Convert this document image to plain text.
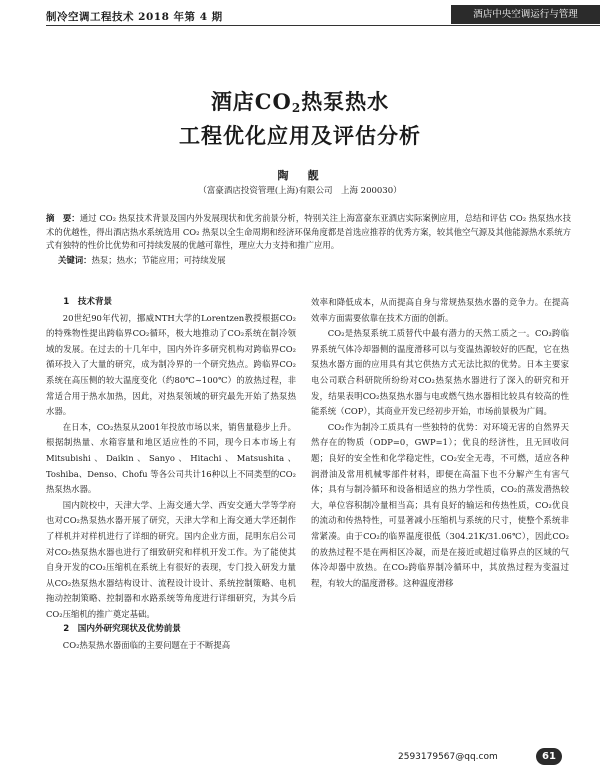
制冷空调工程技术 2018 年第 4 期	酒店中央空调运行与管理
酒店$CO_2$热泵热水
工程优化应用及评估分析
陶　靓
（富豪酒店投资管理(上海)有限公司　上海 200030）
摘　要：通过 CO₂ 热泵技术背景及国内外发展现状和优劣前景分析，特别关注上海富豪东亚酒店实际案例应用，总结和评估 CO₂ 热泵热水技术的优越性，得出酒店热水系统选用 CO₂ 热泵以全生命周期和经济环保角度都是首选应推荐的优秀方案，较其他空气源及其他能源热水系统方式有独特的性价比优势和可持续发展的优越可靠性，理应大力支持和推广应用。
关键词：热泵；热水；节能应用；可持续发展

1　技术背景

20世纪90年代初，挪威NTH大学的Lorentzen教授根据CO₂的特殊物性提出跨临界CO₂循环，极大地推动了CO₂系统在制冷领域的发展。在过去的十几年中，国内外许多研究机构对跨临界CO₂循环投入了大量的研究，成为制冷界的一个研究热点。跨临界CO₂系统在高压侧的较大温度变化（约80℃~100℃）的放热过程，非常适合用于热水加热，因此，对热泵领域的研究最先开始了热泵热水器。

在日本，CO₂热泵从2001年投放市场以来，销售量稳步上升。根据制热量、水箱容量和地区适应性的不同，现今日本市场上有Mitsubishi、Daikin、Sanyo、Hitachi、Matsushita、Toshiba、Denso、Chofu 等各公司共计16种以上不同类型的CO₂热泵热水器。

国内院校中，天津大学、上海交通大学、西安交通大学等学府也对CO₂热泵热水器开展了研究，天津大学和上海交通大学还制作了样机并对样机进行了详细的研究。国内企业方面，昆明东启公司对CO₂热泵热水器也进行了细致研究和样机开发工作。为了能使其自身开发的CO₂压缩机在系统上有很好的表现，专门投入研发力量从CO₂热泵热水器结构设计、流程设计设计、系统控制策略、电机拖动控制策略、控制器和水路系统等角度进行详细研究，为其今后CO₂压缩机的推广奠定基础。

2　国内外研究现状及优势前景

CO₂热泵热水器面临的主要问题在于不断提高

效率和降低成本，从而提高自身与常规热泵热水器的竞争力。在提高效率方面需要依靠在技术方面的创新。

CO₂是热泵系统工质替代中最有潜力的天然工质之一。CO₂跨临界系统气体冷却器侧的温度滑移可以与变温热源较好的匹配，它在热泵热水器方面的应用具有其它供热方式无法比拟的优势。日本主要家电公司联合科研院所纷纷对CO₂热泵热水器进行了深入的研究和开发，结果表明CO₂热泵热水器与电或燃气热水器相比较具有较高的性能系统（COP），其商业开发已经初步开始，市场前景极为广阔。

CO₂作为制冷工质具有一些独特的优势：对环境无害的自然界天然存在的物质（ODP=0，GWP=1）；优良的经济性，且无回收问题；良好的安全性和化学稳定性，CO₂安全无毒，不可燃，适应各种润滑油及常用机械零部件材料，即便在高温下也不分解产生有害气体；具有与制冷循环和设备相适应的热力学性质，CO₂的蒸发潜热较大，单位容积制冷量相当高；具有良好的输运和传热性质，CO₂优良的流动和传热特性，可显著减小压缩机与系统的尺寸，使整个系统非常紧凑。由于CO₂的临界温度很低（304.21K/31.06℃），因此CO₂的放热过程不是在两相区冷凝，而是在接近或超过临界点的区域的气体冷却器中放热。在CO₂跨临界制冷循环中，其放热过程为变温过程，有较大的温度滑移。这种温度滑移

2593179567@qq.com	61
